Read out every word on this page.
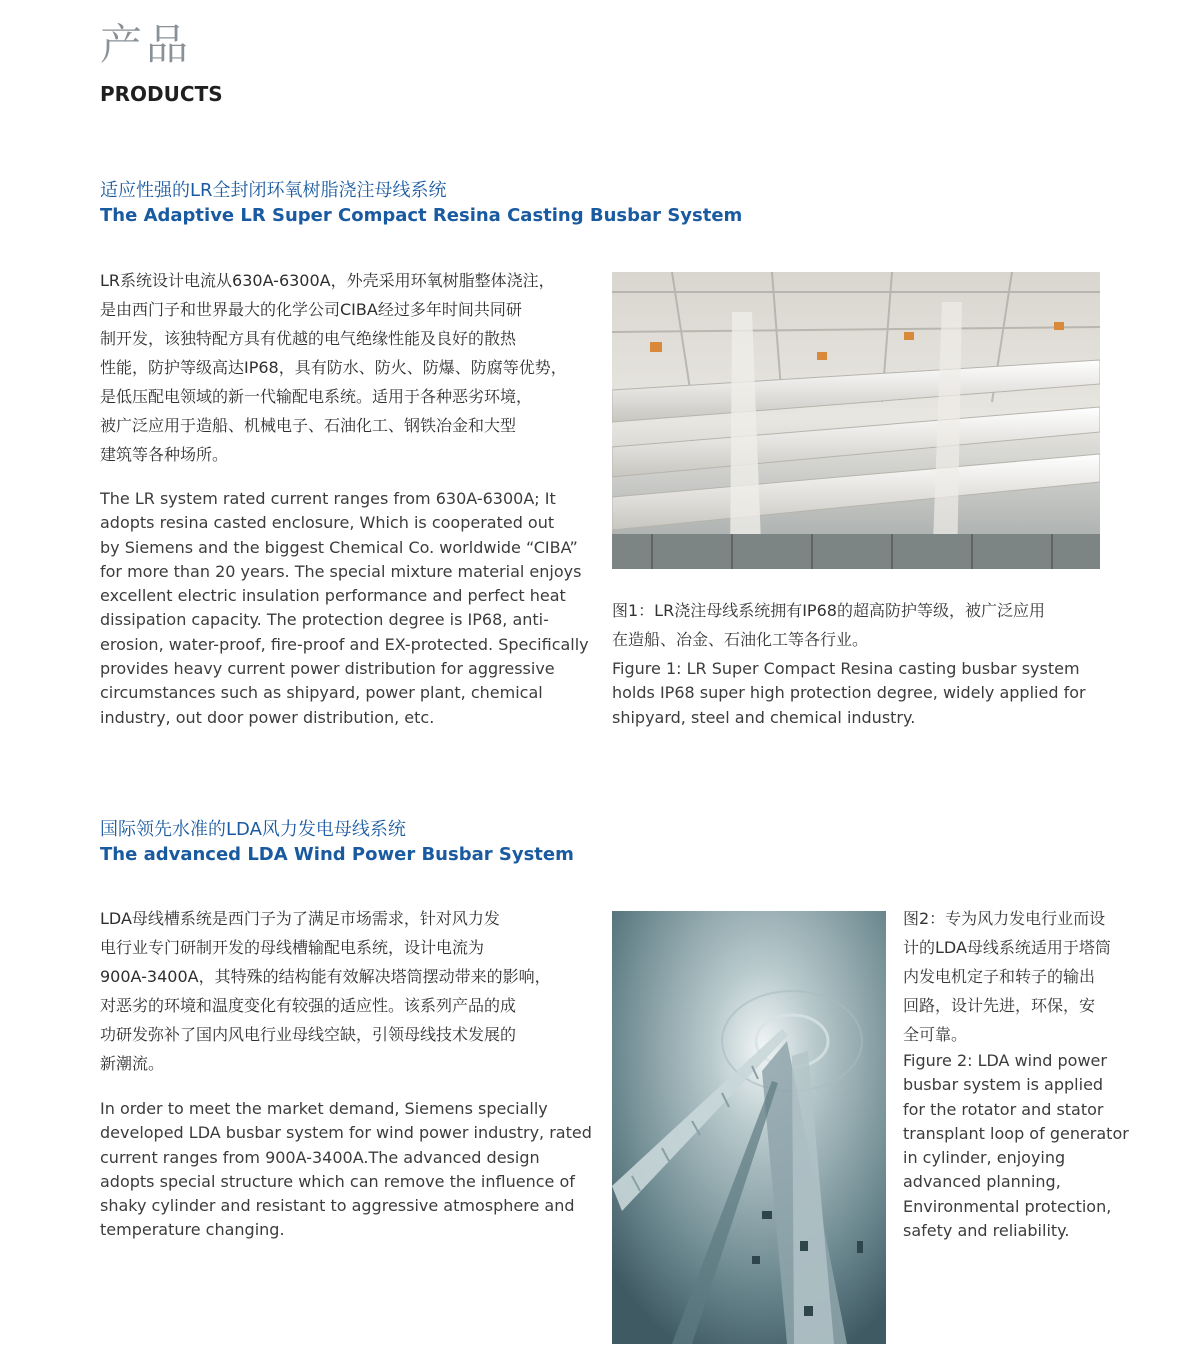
产品
PRODUCTS
适应性强的LR全封闭环氧树脂浇注母线系统
The Adaptive LR Super Compact Resina Casting Busbar System
LR系统设计电流从630A-6300A，外壳采用环氧树脂整体浇注，
是由西门子和世界最大的化学公司CIBA经过多年时间共同研
制开发，该独特配方具有优越的电气绝缘性能及良好的散热
性能，防护等级高达IP68，具有防水、防火、防爆、防腐等优势，
是低压配电领域的新一代输配电系统。适用于各种恶劣环境，
被广泛应用于造船、机械电子、石油化工、钢铁冶金和大型
建筑等各种场所。
The LR system rated current ranges from 630A-6300A; It
adopts resina casted enclosure, Which is cooperated out
by Siemens and the biggest Chemical Co. worldwide “CIBA”
for more than 20 years. The special mixture material enjoys
excellent electric insulation performance and perfect heat
dissipation capacity. The protection degree is IP68, anti-
erosion, water-proof, fire-proof and EX-protected. Specifically
provides heavy current power distribution for aggressive
circumstances such as shipyard, power plant, chemical
industry, out door power distribution, etc.
图1：LR浇注母线系统拥有IP68的超高防护等级，被广泛应用
在造船、冶金、石油化工等各行业。
Figure 1: LR Super Compact Resina casting busbar system
holds IP68 super high protection degree, widely applied for
shipyard, steel and chemical industry.
国际领先水准的LDA风力发电母线系统
The advanced LDA Wind Power Busbar System
LDA母线槽系统是西门子为了满足市场需求，针对风力发
电行业专门研制开发的母线槽输配电系统，设计电流为
900A-3400A，其特殊的结构能有效解决塔筒摆动带来的影响，
对恶劣的环境和温度变化有较强的适应性。该系列产品的成
功研发弥补了国内风电行业母线空缺，引领母线技术发展的
新潮流。
In order to meet the market demand, Siemens specially
developed LDA busbar system for wind power industry, rated
current ranges from 900A-3400A.The advanced design
adopts special structure which can remove the influence of
shaky cylinder and resistant to aggressive atmosphere and
temperature changing.
图2：专为风力发电行业而设
计的LDA母线系统适用于塔筒
内发电机定子和转子的输出
回路，设计先进，环保，安
全可靠。
Figure 2: LDA wind power
busbar system is applied
for the rotator and stator
transplant loop of generator
in cylinder, enjoying
advanced planning,
Environmental protection,
safety and reliability.
